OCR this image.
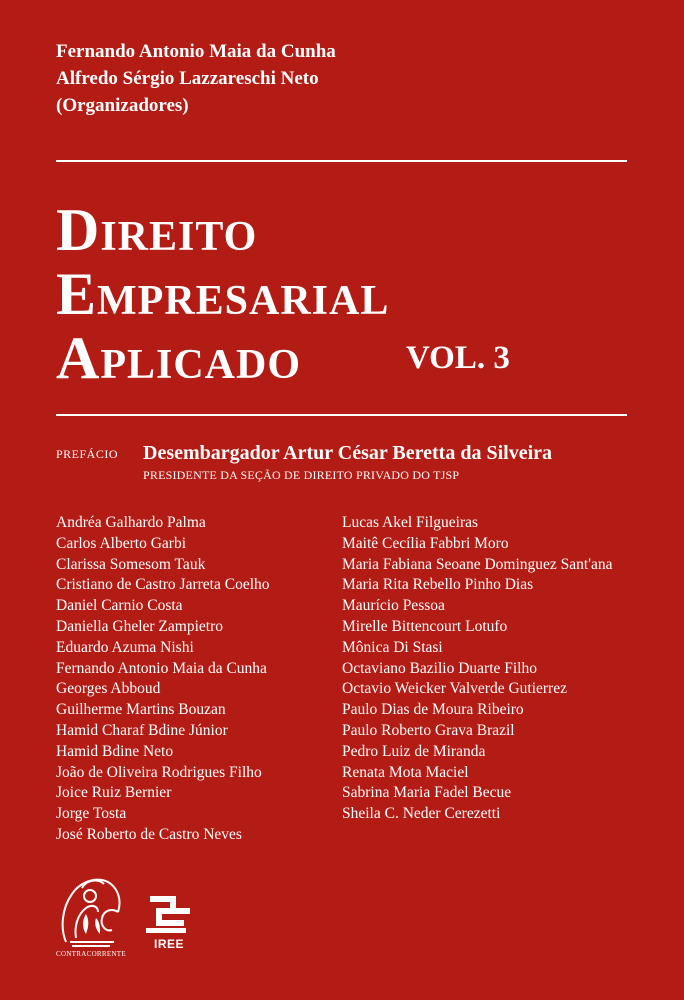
Fernando Antonio Maia da Cunha
Alfredo Sérgio Lazzareschi Neto
(Organizadores)
Direito
Empresarial
Aplicado	VOL. 3
PREFÁCIO Desembargador Artur César Beretta da Silveira
PRESIDENTE DA SEÇÃO DE DIREITO PRIVADO DO TJSP
Andréa Galhardo Palma
Carlos Alberto Garbi
Clarissa Somesom Tauk
Cristiano de Castro Jarreta Coelho
Daniel Carnio Costa
Daniella Gheler Zampietro
Eduardo Azuma Nishi
Fernando Antonio Maia da Cunha
Georges Abboud
Guilherme Martins Bouzan
Hamid Charaf Bdine Júnior
Hamid Bdine Neto
João de Oliveira Rodrigues Filho
Joice Ruiz Bernier
Jorge Tosta
José Roberto de Castro Neves
Lucas Akel Filgueiras
Maitê Cecília Fabbri Moro
Maria Fabiana Seoane Dominguez Sant'ana
Maria Rita Rebello Pinho Dias
Maurício Pessoa
Mirelle Bittencourt Lotufo
Mônica Di Stasi
Octaviano Bazilio Duarte Filho
Octavio Weicker Valverde Gutierrez
Paulo Dias de Moura Ribeiro
Paulo Roberto Grava Brazil
Pedro Luiz de Miranda
Renata Mota Maciel
Sabrina Maria Fadel Becue
Sheila C. Neder Cerezetti
CONTRACORRENTE
IREE
